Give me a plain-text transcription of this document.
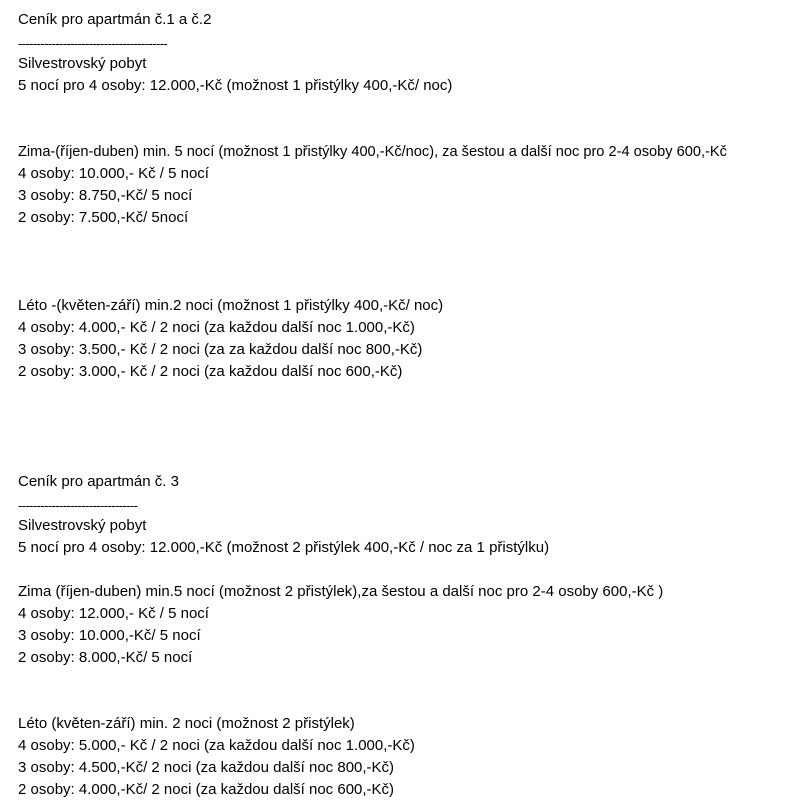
Ceník pro apartmán č.1 a č.2
----------------------------------------
Silvestrovský pobyt
5 nocí pro 4 osoby: 12.000,-Kč (možnost 1 přistýlky 400,-Kč/ noc)
Zima-(říjen-duben) min. 5 nocí (možnost 1 přistýlky 400,-Kč/noc), za šestou a další noc pro 2-4 osoby 600,-Kč
4 osoby: 10.000,- Kč / 5 nocí
3 osoby: 8.750,-Kč/ 5 nocí
2 osoby: 7.500,-Kč/ 5nocí
Léto -(květen-září) min.2 noci (možnost 1 přistýlky 400,-Kč/ noc)
4 osoby: 4.000,- Kč / 2 noci (za každou další noc 1.000,-Kč)
3 osoby: 3.500,- Kč / 2 noci (za za každou další noc 800,-Kč)
2 osoby: 3.000,- Kč / 2 noci (za každou další noc 600,-Kč)
Ceník pro apartmán č. 3
--------------------------------
Silvestrovský pobyt
5 nocí pro 4 osoby: 12.000,-Kč (možnost 2 přistýlek 400,-Kč / noc za 1 přistýlku)
Zima (říjen-duben) min.5 nocí (možnost 2 přistýlek),za šestou a další noc pro 2-4 osoby 600,-Kč )
4 osoby: 12.000,- Kč / 5 nocí
3 osoby: 10.000,-Kč/ 5 nocí
2 osoby: 8.000,-Kč/ 5 nocí
Léto (květen-září) min. 2 noci (možnost 2 přistýlek)
4 osoby: 5.000,- Kč / 2 noci (za každou další noc 1.000,-Kč)
3 osoby: 4.500,-Kč/ 2 noci (za každou další noc 800,-Kč)
2 osoby: 4.000,-Kč/ 2 noci (za každou další noc 600,-Kč)
